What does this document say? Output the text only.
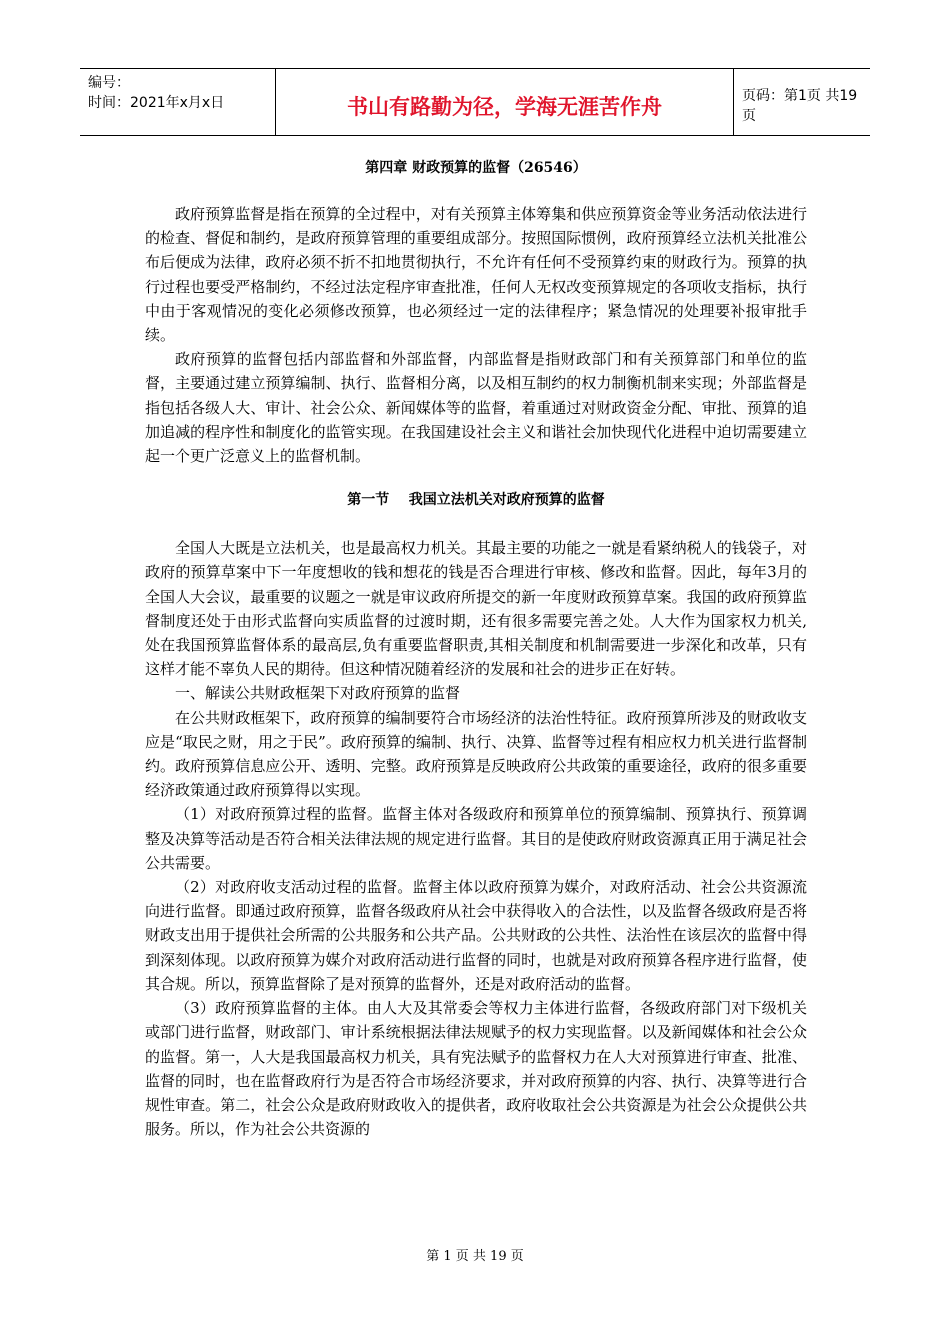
编号：
时间：2021年x月x日	书山有路勤为径，学海无涯苦作舟	页码：第1页 共19页
第四章 财政预算的监督（26546）

政府预算监督是指在预算的全过程中，对有关预算主体筹集和供应预算资金等业务活动依法进行的检查、督促和制约，是政府预算管理的重要组成部分。按照国际惯例，政府预算经立法机关批准公布后便成为法律，政府必须不折不扣地贯彻执行，不允许有任何不受预算约束的财政行为。预算的执行过程也要受严格制约，不经过法定程序审查批准，任何人无权改变预算规定的各项收支指标，执行中由于客观情况的变化必须修改预算，也必须经过一定的法律程序；紧急情况的处理要补报审批手续。

政府预算的监督包括内部监督和外部监督，内部监督是指财政部门和有关预算部门和单位的监督，主要通过建立预算编制、执行、监督相分离，以及相互制约的权力制衡机制来实现；外部监督是指包括各级人大、审计、社会公众、新闻媒体等的监督，着重通过对财政资金分配、审批、预算的追加追减的程序性和制度化的监管实现。在我国建设社会主义和谐社会加快现代化进程中迫切需要建立起一个更广泛意义上的监督机制。

第一节    我国立法机关对政府预算的监督

全国人大既是立法机关，也是最高权力机关。其最主要的功能之一就是看紧纳税人的钱袋子，对政府的预算草案中下一年度想收的钱和想花的钱是否合理进行审核、修改和监督。因此，每年3月的全国人大会议，最重要的议题之一就是审议政府所提交的新一年度财政预算草案。我国的政府预算监督制度还处于由形式监督向实质监督的过渡时期，还有很多需要完善之处。人大作为国家权力机关,处在我国预算监督体系的最高层,负有重要监督职责,其相关制度和机制需要进一步深化和改革，只有这样才能不辜负人民的期待。但这种情况随着经济的发展和社会的进步正在好转。

一、解读公共财政框架下对政府预算的监督

在公共财政框架下，政府预算的编制要符合市场经济的法治性特征。政府预算所涉及的财政收支应是“取民之财，用之于民”。政府预算的编制、执行、决算、监督等过程有相应权力机关进行监督制约。政府预算信息应公开、透明、完整。政府预算是反映政府公共政策的重要途径，政府的很多重要经济政策通过政府预算得以实现。

（1）对政府预算过程的监督。监督主体对各级政府和预算单位的预算编制、预算执行、预算调整及决算等活动是否符合相关法律法规的规定进行监督。其目的是使政府财政资源真正用于满足社会公共需要。

（2）对政府收支活动过程的监督。监督主体以政府预算为媒介，对政府活动、社会公共资源流向进行监督。即通过政府预算，监督各级政府从社会中获得收入的合法性，以及监督各级政府是否将财政支出用于提供社会所需的公共服务和公共产品。公共财政的公共性、法治性在该层次的监督中得到深刻体现。以政府预算为媒介对政府活动进行监督的同时，也就是对政府预算各程序进行监督，使其合规。所以，预算监督除了是对预算的监督外，还是对政府活动的监督。

（3）政府预算监督的主体。由人大及其常委会等权力主体进行监督，各级政府部门对下级机关或部门进行监督，财政部门、审计系统根据法律法规赋予的权力实现监督。以及新闻媒体和社会公众的监督。第一，人大是我国最高权力机关，具有宪法赋予的监督权力在人大对预算进行审查、批准、监督的同时，也在监督政府行为是否符合市场经济要求，并对政府预算的内容、执行、决算等进行合规性审查。第二，社会公众是政府财政收入的提供者，政府收取社会公共资源是为社会公众提供公共服务。所以，作为社会公共资源的

第 1 页 共 19 页
